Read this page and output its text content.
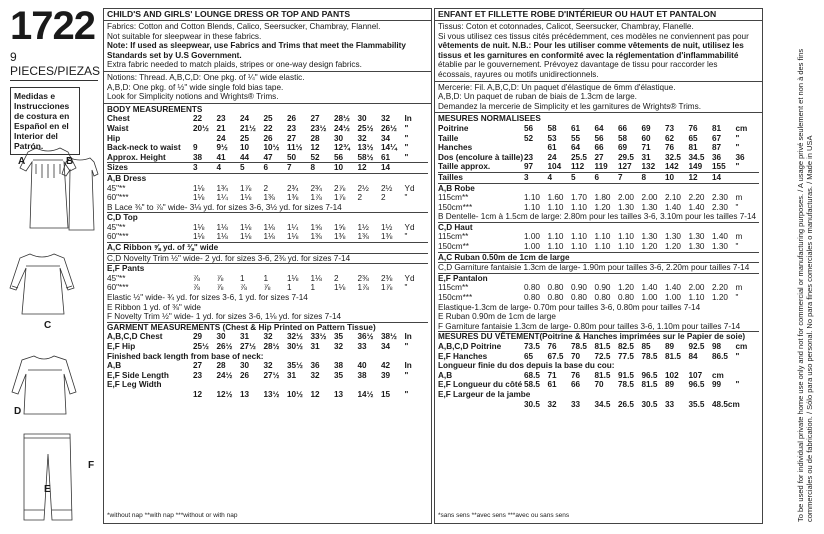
1722
9 PIECES/PIEZAS
Medidas e Instrucciones de costura en Español en el Interior del Patrón.
A	B
C
D
E
F
CHILD'S AND GIRLS' LOUNGE DRESS OR TOP AND PANTS

Fabrics: Cotton and Cotton Blends, Calico, Seersucker, Chambray, Flannel.

Not suitable for sleepwear in these fabrics.

Note: If used as sleepwear, use Fabrics and Trims that meet the Flammability

Standards set by U.S Government.

Extra fabric needed to match plaids, stripes or one-way design fabrics.

Notions: Thread. A,B,C,D: One pkg. of ¼" wide elastic.

A,B,D: One pkg. of ½" wide single fold bias tape.

Look for Simplicity notions and Wrights® Trims.

BODY MEASUREMENTS
Chest	22	23	24	25	26	27	28½ 30	32	In
Waist	20½ 21	21½ 22	23	23½ 24½ 25½ 26½ "
Hip	24	25	26	27	28	30	32	34	"
Back-neck to waist	9	9½	10	10½ 11½ 12	12¾ 13½ 14¼ "
Approx. Height	38	41	44	47	50	52	56	58½ 61	"
Sizes	3	4	5	6	7	8	10	12	14
A,B Dress
45"**	1⅛	1¾	1⅞	2	2¾	2¾	2⅞	2½	2½	Yd
60"***	1⅛	1¼	1⅛	1⅜	1⅜	1⅞	1⅞	2	2	"
B Lace ⅜" to ⅞" wide- 3⅛ yd. for sizes 3-6, 3½ yd. for sizes 7-14
C,D Top
45"**	1⅛	1⅛	1⅛	1⅛	1¼	1⅝	1⅝	1½	1½	Yd
60"***	1⅛	1⅛	1⅛	1⅛	1⅛	1⅜	1⅜	1⅜	1⅜	"
A,C Ribbon ⅝ yd. of ⅜" wide
C,D Novelty Trim ½" wide- 2 yd. for sizes 3-6, 2⅜ yd. for sizes 7-14
E,F Pants
45"**	⅞	⅞	1	1	1⅛	1⅛	2	2⅜	2⅜	Yd
60"***	⅞	⅞	⅞	⅞	1	1	1⅛	1⅞	1⅞	"
Elastic ½" wide- ¾ yd. for sizes 3-6, 1 yd. for sizes 7-14
E Ribbon 1 yd. of ⅜" wide
F Novelty Trim ½" wide- 1 yd. for sizes 3-6, 1⅛ yd. for sizes 7-14
GARMENT MEASUREMENTS (Chest & Hip Printed on Pattern Tissue)
A,B,C,D Chest	29	30	31	32	32½ 33½ 35	36½ 38½ In
E,F Hip	25½ 26½ 27½ 28½ 30½ 31	32	33	34	"
Finished back length from base of neck:
A,B	27	28	30	32	35½ 36	38	40	42	In
E,F Side Length	23	24½ 26	27½ 31	32	35	38	39	"
E,F Leg Width
12	12½ 13	13½ 10½ 12	13	14½ 15	"
*without nap **with nap ***without or with nap
ENFANT ET FILLETTE ROBE D'INTÉRIEUR OU HAUT ET PANTALON

Tissus: Coton et cotonnades, Calicot, Seersucker, Chambray, Flanelle.

Si vous utilisez ces tissus cités précédemment, ces modèles ne conviennent pas pour

vêtements de nuit. N.B.: Pour les utiliser comme vêtements de nuit, utilisez les

tissus et les garnitures en conformité avec la réglementation d'inflammabilité

établie par le gouvernement. Prévoyez davantage de tissu pour raccorder les

écossais, rayures ou motifs unidirectionnels.

Mercerie: Fil. A,B,C,D: Un paquet d'élastique de 6mm d'élastique.

A,B,D: Un paquet de ruban de biais de 1.3cm de large.

Demandez la mercerie de Simplicity et les garnitures de Wrights® Trims.

MESURES NORMALISEES
Poitrine	56	58	61	64	66	69	73	76	81	cm
Taille	52	53	55	56	58	60	62	65	67	"
Hanches	61	64	66	69	71	76	81	87	"
Dos (encolure à taille) 23	24	25.5 27	29.5 31	32.5 34.5 36	36
Taille approx.	97	104	112	119	127	132	142	149	155	"
Tailles	3	4	5	6	7	8	10	12	14
A,B Robe
115cm**	1.10 1.60 1.70 1.80 2.00 2.00 2.10 2.20 2.30 m
150cm***	1.10 1.10 1.10 1.20 1.30 1.30 1.40 1.40 2.30 "
B Dentelle- 1cm à 1.5cm de large: 2.80m pour les tailles 3-6, 3.10m pour les tailles 7-14
C,D Haut
115cm**	1.00 1.10 1.10 1.10 1.10 1.30 1.30 1.30 1.40 m
150cm**	1.00 1.10 1.10 1.10 1.10 1.20 1.20 1.30 1.30 "
A,C Ruban 0.50m de 1cm de large
C,D Garniture fantaisie 1.3cm de large- 1.90m pour tailles 3-6, 2.20m pour tailles 7-14
E,F Pantalon
115cm**	0.80 0.80 0.90 0.90 1.20 1.40 1.40 2.00 2.20 m
150cm***	0.80 0.80 0.80 0.80 0.80 1.00 1.00 1.10 1.20 "
Elastique-1.3cm de large- 0.70m pour tailles 3-6, 0.80m pour tailles 7-14
E Ruban 0.90m de 1cm de large
F Garniture fantaisie 1.3cm de large- 0.80m pour tailles 3-6, 1.10m pour tailles 7-14
MESURES DU VÊTEMENT(Poitrine & Hanches imprimées sur le Papier de soie)
A,B,C,D Poitrine	73.5 76	78.5 81.5 82.5 85	89	92.5 98	cm
E,F Hanches	65	67.5 70	72.5 77.5 78.5 81.5 84	86.5 "
Longueur finie du dos depuis la base du cou:
A,B	68.5 71	76	81.5 91.5 96.5 102	107	cm
E,F Longueur du côté 58.5 61	66	70	78.5 81.5 89	96.5 99	"
E,F Largeur de la jambe
30.5 32	33	34.5 26.5 30.5 33	35.5 48.5cm
*sans sens **avec sens ***avec ou sans sens	To be used for individual private home use only and not for commercial or manufacturing purposes. / A usage privé seulement et non à des fins commerciales ou de fabrication. / Sólo para uso personal. No para fines comerciales o manufacturas. / Made in USA
